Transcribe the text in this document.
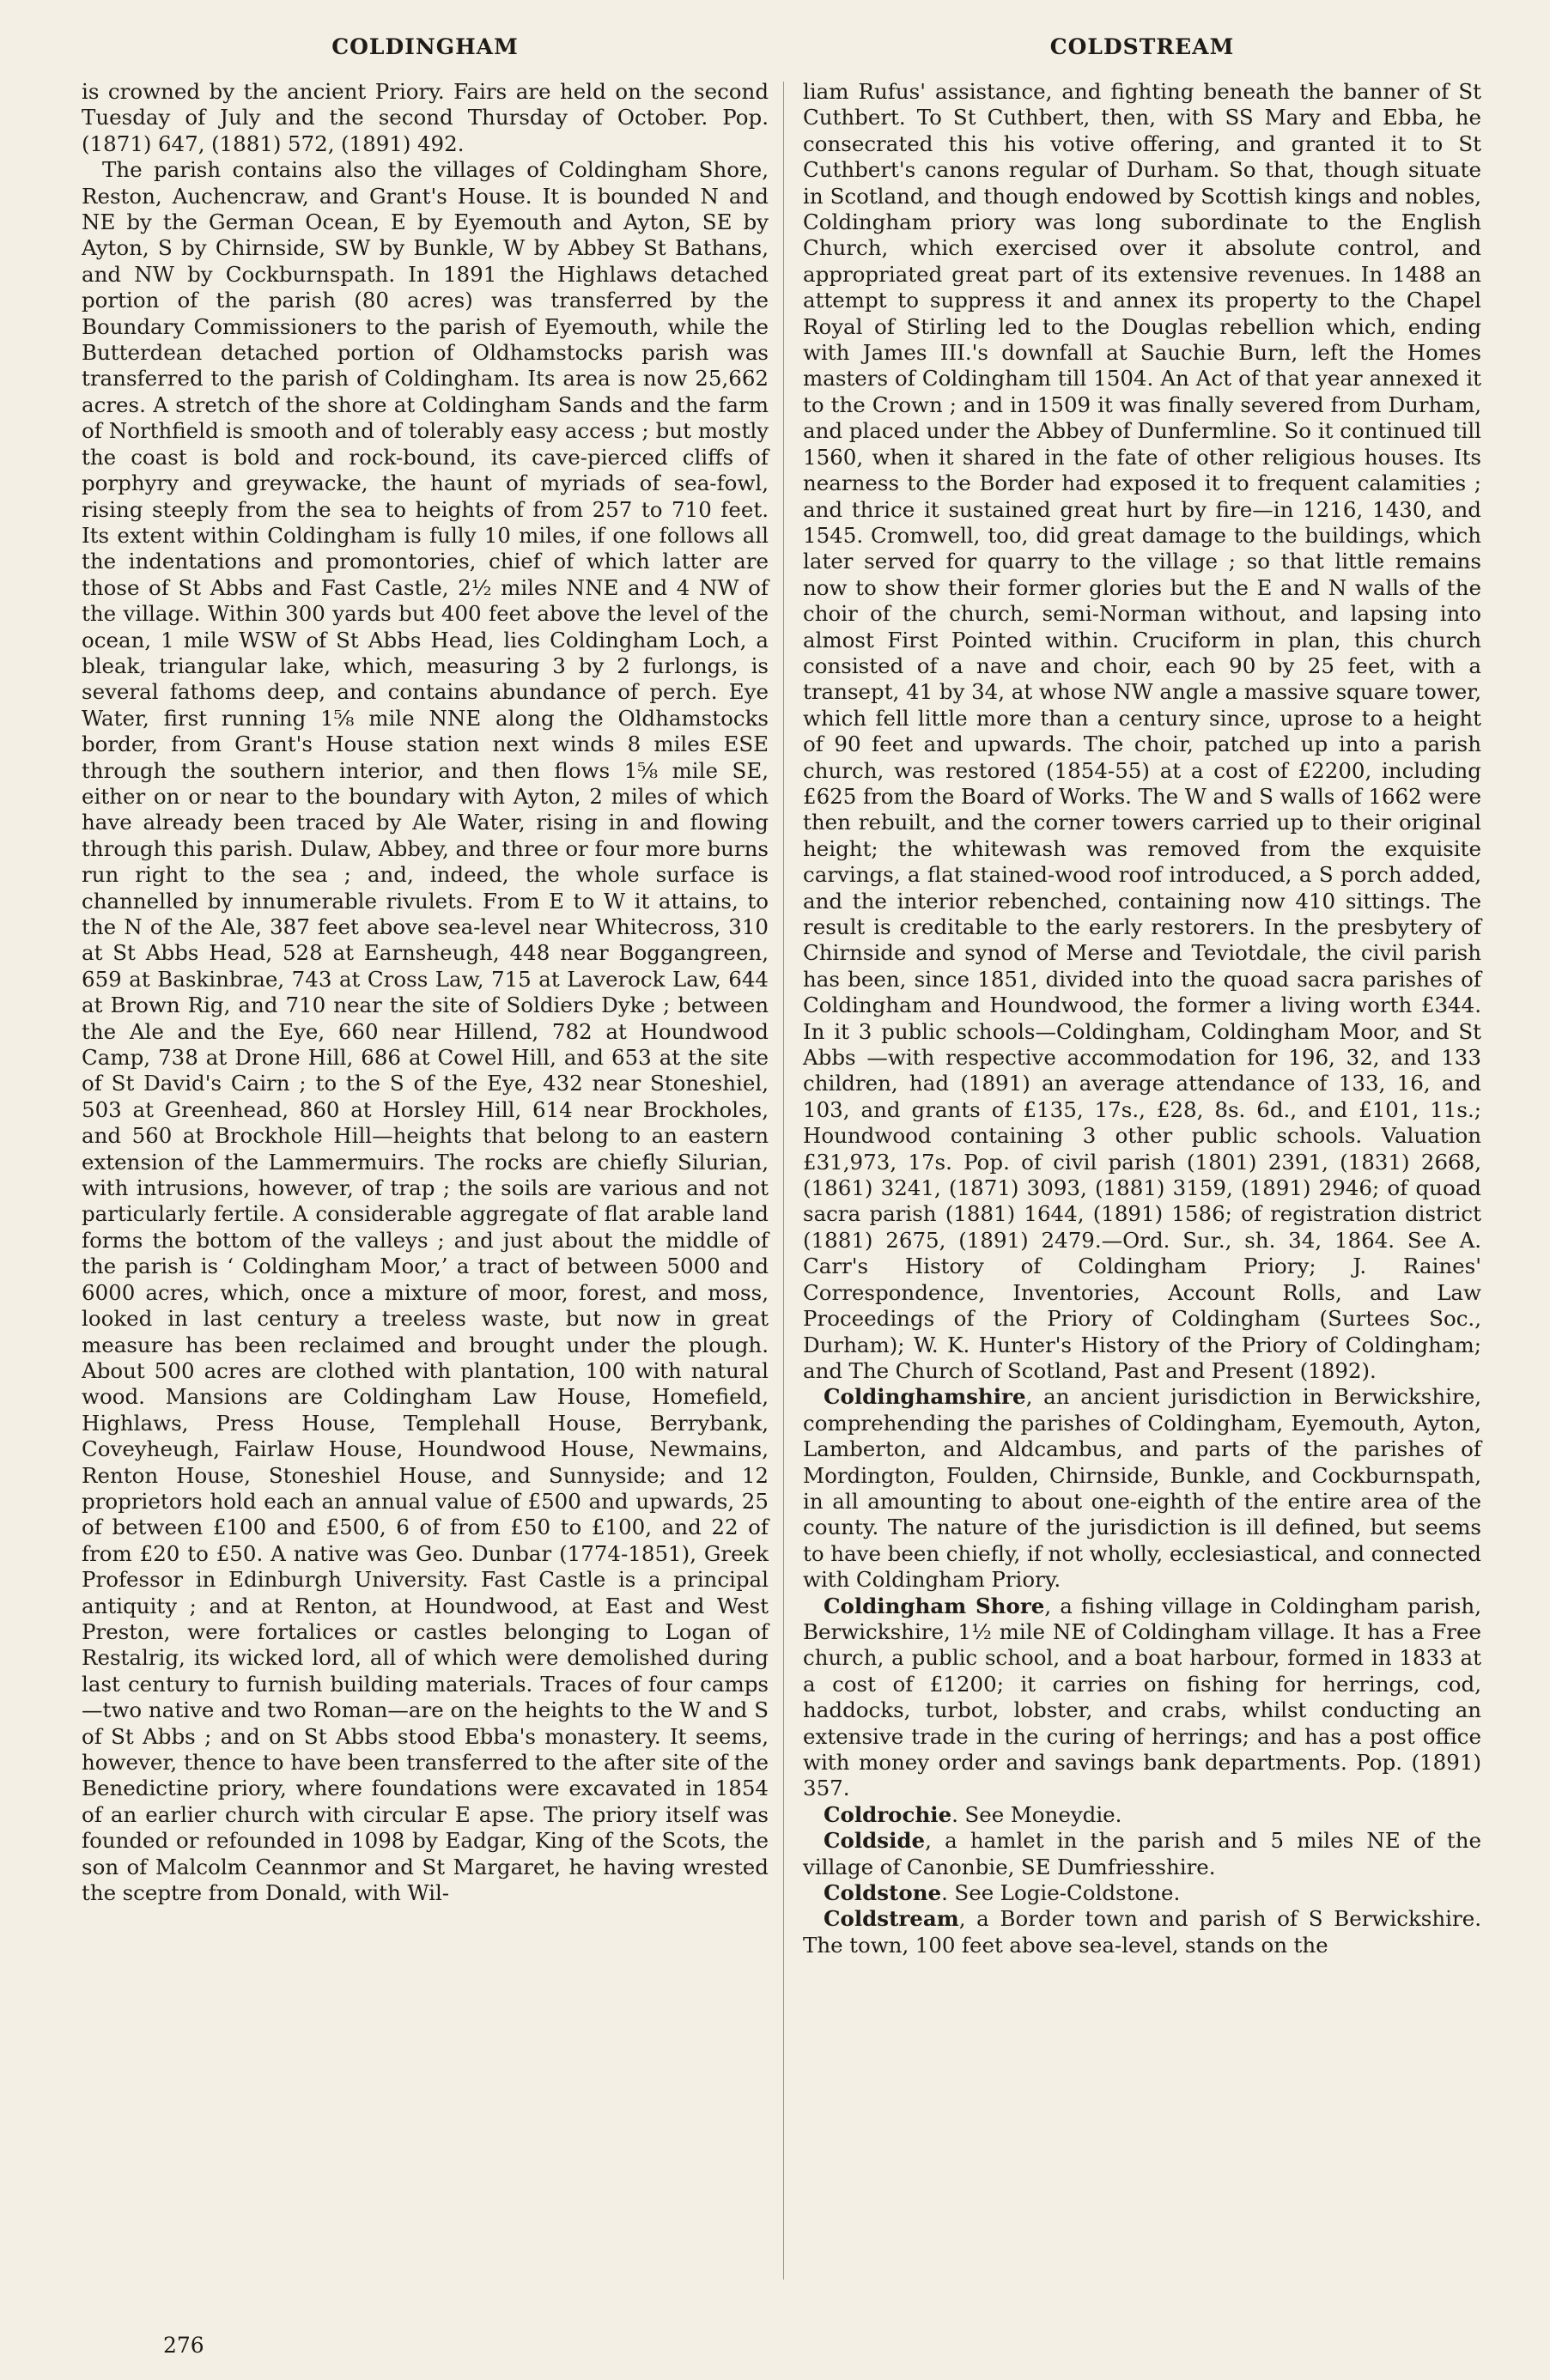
COLDINGHAM	COLDSTREAM

is crowned by the ancient Priory. Fairs are held on the second Tuesday of July and the second Thursday of October. Pop. (1871) 647, (1881) 572, (1891) 492.

The parish contains also the villages of Coldingham Shore, Reston, Auchencraw, and Grant's House. It is bounded N and NE by the German Ocean, E by Eyemouth and Ayton, SE by Ayton, S by Chirnside, SW by Bunkle, W by Abbey St Bathans, and NW by Cockburnspath. In 1891 the Highlaws detached portion of the parish (80 acres) was transferred by the Boundary Commissioners to the parish of Eyemouth, while the Butterdean detached portion of Oldhamstocks parish was transferred to the parish of Coldingham. Its area is now 25,662 acres. A stretch of the shore at Coldingham Sands and the farm of Northfield is smooth and of tolerably easy access ; but mostly the coast is bold and rock-bound, its cave-pierced cliffs of porphyry and greywacke, the haunt of myriads of sea-fowl, rising steeply from the sea to heights of from 257 to 710 feet. Its extent within Coldingham is fully 10 miles, if one follows all the indentations and promontories, chief of which latter are those of St Abbs and Fast Castle, 2½ miles NNE and 4 NW of the village. Within 300 yards but 400 feet above the level of the ocean, 1 mile WSW of St Abbs Head, lies Coldingham Loch, a bleak, triangular lake, which, measuring 3 by 2 furlongs, is several fathoms deep, and contains abundance of perch. Eye Water, first running 1⅝ mile NNE along the Oldhamstocks border, from Grant's House station next winds 8 miles ESE through the southern interior, and then flows 1⅝ mile SE, either on or near to the boundary with Ayton, 2 miles of which have already been traced by Ale Water, rising in and flowing through this parish. Dulaw, Abbey, and three or four more burns run right to the sea ; and, indeed, the whole surface is channelled by innumerable rivulets. From E to W it attains, to the N of the Ale, 387 feet above sea-level near Whitecross, 310 at St Abbs Head, 528 at Earnsheugh, 448 near Boggangreen, 659 at Baskinbrae, 743 at Cross Law, 715 at Laverock Law, 644 at Brown Rig, and 710 near the site of Soldiers Dyke ; between the Ale and the Eye, 660 near Hillend, 782 at Houndwood Camp, 738 at Drone Hill, 686 at Cowel Hill, and 653 at the site of St David's Cairn ; to the S of the Eye, 432 near Stoneshiel, 503 at Greenhead, 860 at Horsley Hill, 614 near Brockholes, and 560 at Brockhole Hill—heights that belong to an eastern extension of the Lammermuirs. The rocks are chiefly Silurian, with intrusions, however, of trap ; the soils are various and not particularly fertile. A considerable aggregate of flat arable land forms the bottom of the valleys ; and just about the middle of the parish is ‘ Coldingham Moor,’ a tract of between 5000 and 6000 acres, which, once a mixture of moor, forest, and moss, looked in last century a treeless waste, but now in great measure has been reclaimed and brought under the plough. About 500 acres are clothed with plantation, 100 with natural wood. Mansions are Coldingham Law House, Homefield, Highlaws, Press House, Templehall House, Berrybank, Coveyheugh, Fairlaw House, Houndwood House, Newmains, Renton House, Stoneshiel House, and Sunnyside; and 12 proprietors hold each an annual value of £500 and upwards, 25 of between £100 and £500, 6 of from £50 to £100, and 22 of from £20 to £50. A native was Geo. Dunbar (1774-1851), Greek Professor in Edinburgh University. Fast Castle is a principal antiquity ; and at Renton, at Houndwood, at East and West Preston, were fortalices or castles belonging to Logan of Restalrig, its wicked lord, all of which were demolished during last century to furnish building materials. Traces of four camps—two native and two Roman—are on the heights to the W and S of St Abbs ; and on St Abbs stood Ebba's monastery. It seems, however, thence to have been transferred to the after site of the Benedictine priory, where foundations were excavated in 1854 of an earlier church with circular E apse. The priory itself was founded or refounded in 1098 by Eadgar, King of the Scots, the son of Malcolm Ceannmor and St Margaret, he having wrested the sceptre from Donald, with Wil-

liam Rufus' assistance, and fighting beneath the banner of St Cuthbert. To St Cuthbert, then, with SS Mary and Ebba, he consecrated this his votive offering, and granted it to St Cuthbert's canons regular of Durham. So that, though situate in Scotland, and though endowed by Scottish kings and nobles, Coldingham priory was long subordinate to the English Church, which exercised over it absolute control, and appropriated great part of its extensive revenues. In 1488 an attempt to suppress it and annex its property to the Chapel Royal of Stirling led to the Douglas rebellion which, ending with James III.'s downfall at Sauchie Burn, left the Homes masters of Coldingham till 1504. An Act of that year annexed it to the Crown ; and in 1509 it was finally severed from Durham, and placed under the Abbey of Dunfermline. So it continued till 1560, when it shared in the fate of other religious houses. Its nearness to the Border had exposed it to frequent calamities ; and thrice it sustained great hurt by fire—in 1216, 1430, and 1545. Cromwell, too, did great damage to the buildings, which later served for quarry to the village ; so that little remains now to show their former glories but the E and N walls of the choir of the church, semi-Norman without, and lapsing into almost First Pointed within. Cruciform in plan, this church consisted of a nave and choir, each 90 by 25 feet, with a transept, 41 by 34, at whose NW angle a massive square tower, which fell little more than a century since, uprose to a height of 90 feet and upwards. The choir, patched up into a parish church, was restored (1854-55) at a cost of £2200, including £625 from the Board of Works. The W and S walls of 1662 were then rebuilt, and the corner towers carried up to their original height; the whitewash was removed from the exquisite carvings, a flat stained-wood roof introduced, a S porch added, and the interior rebenched, containing now 410 sittings. The result is creditable to the early restorers. In the presbytery of Chirnside and synod of Merse and Teviotdale, the civil parish has been, since 1851, divided into the quoad sacra parishes of Coldingham and Houndwood, the former a living worth £344. In it 3 public schools—Coldingham, Coldingham Moor, and St Abbs —with respective accommodation for 196, 32, and 133 children, had (1891) an average attendance of 133, 16, and 103, and grants of £135, 17s., £28, 8s. 6d., and £101, 11s.; Houndwood containing 3 other public schools. Valuation £31,973, 17s. Pop. of civil parish (1801) 2391, (1831) 2668, (1861) 3241, (1871) 3093, (1881) 3159, (1891) 2946; of quoad sacra parish (1881) 1644, (1891) 1586; of registration district (1881) 2675, (1891) 2479.—Ord. Sur., sh. 34, 1864. See A. Carr's History of Coldingham Priory; J. Raines' Correspondence, Inventories, Account Rolls, and Law Proceedings of the Priory of Coldingham (Surtees Soc., Durham); W. K. Hunter's History of the Priory of Coldingham; and The Church of Scotland, Past and Present (1892).

Coldinghamshire, an ancient jurisdiction in Berwickshire, comprehending the parishes of Coldingham, Eyemouth, Ayton, Lamberton, and Aldcambus, and parts of the parishes of Mordington, Foulden, Chirnside, Bunkle, and Cockburnspath, in all amounting to about one-eighth of the entire area of the county. The nature of the jurisdiction is ill defined, but seems to have been chiefly, if not wholly, ecclesiastical, and connected with Coldingham Priory.

Coldingham Shore, a fishing village in Coldingham parish, Berwickshire, 1½ mile NE of Coldingham village. It has a Free church, a public school, and a boat harbour, formed in 1833 at a cost of £1200; it carries on fishing for herrings, cod, haddocks, turbot, lobster, and crabs, whilst conducting an extensive trade in the curing of herrings; and has a post office with money order and savings bank departments. Pop. (1891) 357.

Coldrochie. See Moneydie.

Coldside, a hamlet in the parish and 5 miles NE of the village of Canonbie, SE Dumfriesshire.

Coldstone. See Logie-Coldstone.

Coldstream, a Border town and parish of S Berwickshire. The town, 100 feet above sea-level, stands on the

276
